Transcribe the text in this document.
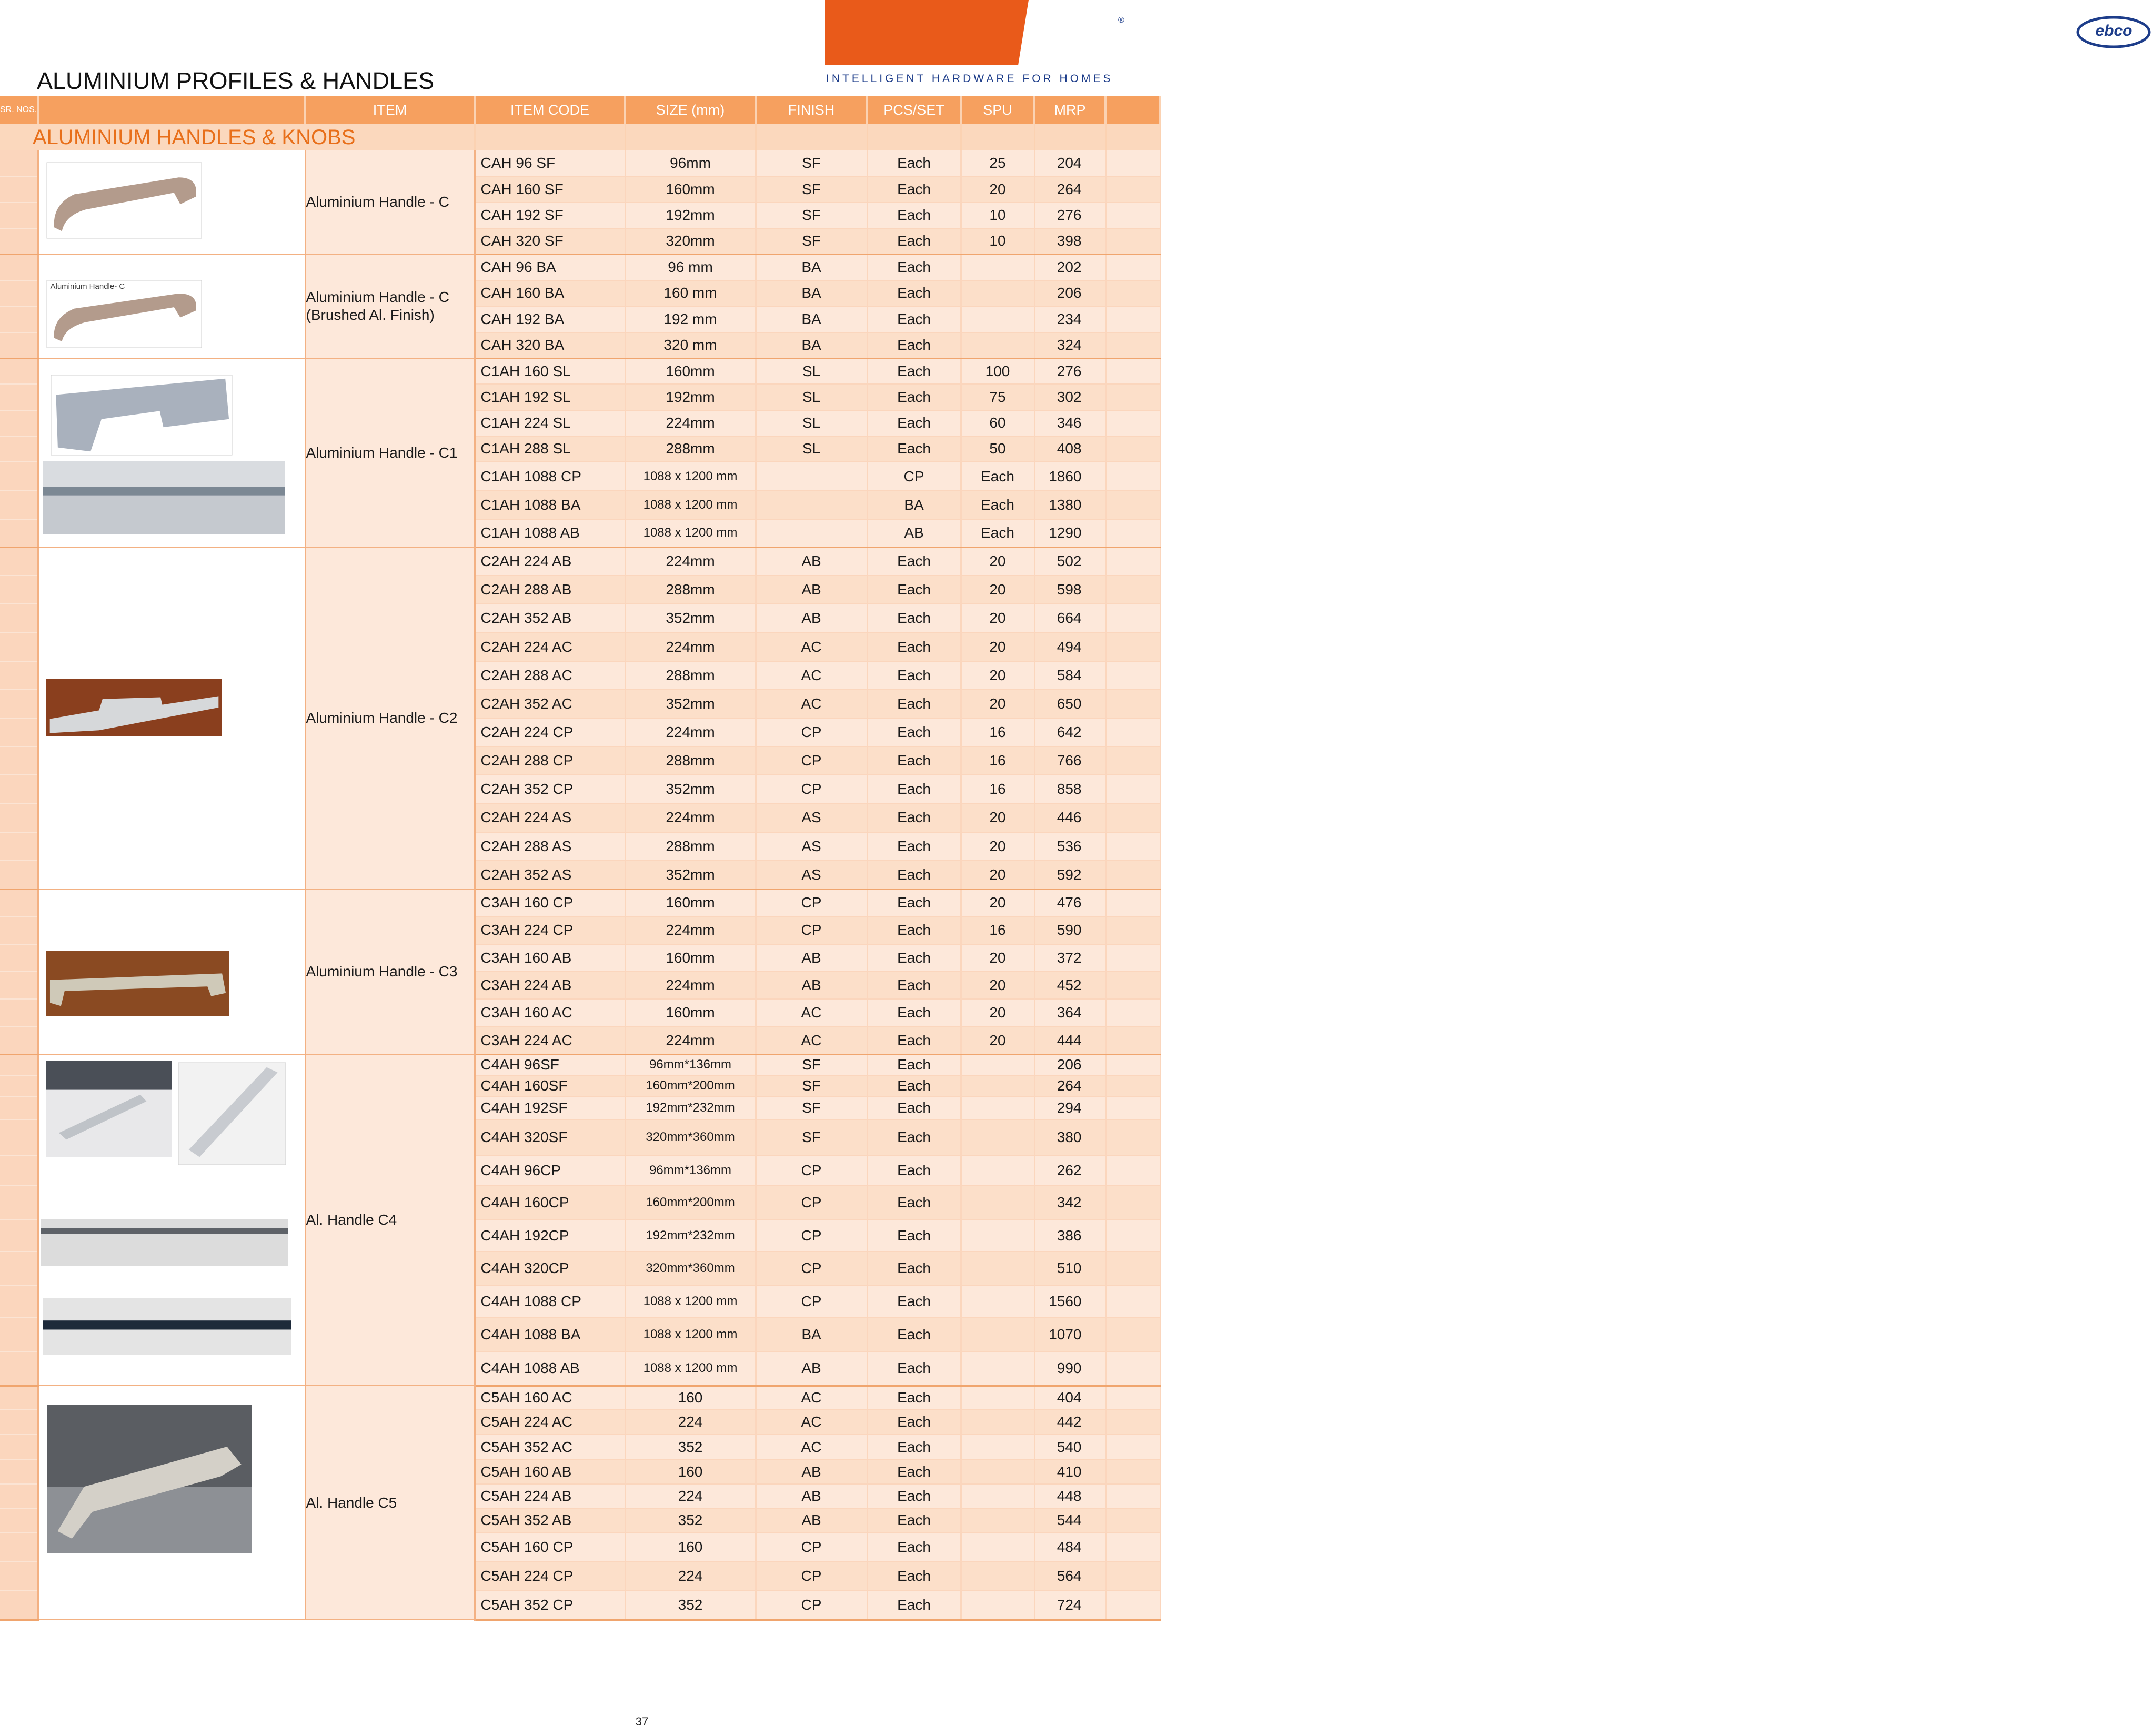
Livsmart	ebco
®
INTELLIGENT HARDWARE FOR HOMES
ALUMINIUM PROFILES & HANDLES
SR. NOS.		ITEM	ITEM CODE	SIZE (mm)	FINISH	PCS/SET	SPU	MRP	
ALUMINIUM HANDLES & KNOBS									

	Aluminium Handle - C	CAH 96 SF	96mm	SF	Each	25	204	
			CAH 160 SF	160mm	SF	Each	20	264	
			CAH 192 SF	192mm	SF	Each	10	276	
			CAH 320 SF	320mm	SF	Each	10	398	

	Aluminium Handle- C	Aluminium Handle - C (Brushed Al. Finish)	CAH 96 BA	96 mm	BA	Each		202	
			CAH 160 BA	160 mm	BA	Each		206	
			CAH 192 BA	192 mm	BA	Each		234	
			CAH 320 BA	320 mm	BA	Each		324	

	Aluminium Handle - C1	C1AH 160 SL	160mm	SL	Each	100	276	
			C1AH 192 SL	192mm	SL	Each	75	302	
			C1AH 224 SL	224mm	SL	Each	60	346	
			C1AH 288 SL	288mm	SL	Each	50	408	
			C1AH 1088 CP	1088 x 1200 mm		CP	Each	1860	
			C1AH 1088 BA	1088 x 1200 mm		BA	Each	1380	
			C1AH 1088 AB	1088 x 1200 mm		AB	Each	1290	

	Aluminium Handle - C2	C2AH 224 AB	224mm	AB	Each	20	502	
			C2AH 288 AB	288mm	AB	Each	20	598	
			C2AH 352 AB	352mm	AB	Each	20	664	
			C2AH 224 AC	224mm	AC	Each	20	494	
			C2AH 288 AC	288mm	AC	Each	20	584	
			C2AH 352 AC	352mm	AC	Each	20	650	
			C2AH 224 CP	224mm	CP	Each	16	642	
			C2AH 288 CP	288mm	CP	Each	16	766	
			C2AH 352 CP	352mm	CP	Each	16	858	
			C2AH 224 AS	224mm	AS	Each	20	446	
			C2AH 288 AS	288mm	AS	Each	20	536	
			C2AH 352 AS	352mm	AS	Each	20	592	

	Aluminium Handle - C3	C3AH 160 CP	160mm	CP	Each	20	476	
			C3AH 224 CP	224mm	CP	Each	16	590	
			C3AH 160 AB	160mm	AB	Each	20	372	
			C3AH 224 AB	224mm	AB	Each	20	452	
			C3AH 160 AC	160mm	AC	Each	20	364	
			C3AH 224 AC	224mm	AC	Each	20	444	

	Al. Handle C4	C4AH 96SF	96mm*136mm	SF	Each		206	
			C4AH 160SF	160mm*200mm	SF	Each		264	
			C4AH 192SF	192mm*232mm	SF	Each		294	
			C4AH 320SF	320mm*360mm	SF	Each		380	
			C4AH 96CP	96mm*136mm	CP	Each		262	
			C4AH 160CP	160mm*200mm	CP	Each		342	
			C4AH 192CP	192mm*232mm	CP	Each		386	
			C4AH 320CP	320mm*360mm	CP	Each		510	
			C4AH 1088 CP	1088 x 1200 mm	CP	Each		1560	
			C4AH 1088 BA	1088 x 1200 mm	BA	Each		1070	
			C4AH 1088 AB	1088 x 1200 mm	AB	Each		990	

	Al. Handle C5	C5AH 160 AC	160	AC	Each		404	
			C5AH 224 AC	224	AC	Each		442	
			C5AH 352 AC	352	AC	Each		540	
			C5AH 160 AB	160	AB	Each		410	
			C5AH 224 AB	224	AB	Each		448	
			C5AH 352 AB	352	AB	Each		544	
			C5AH 160 CP	160	CP	Each		484	
			C5AH 224 CP	224	CP	Each		564	
			C5AH 352 CP	352	CP	Each		724	
37
